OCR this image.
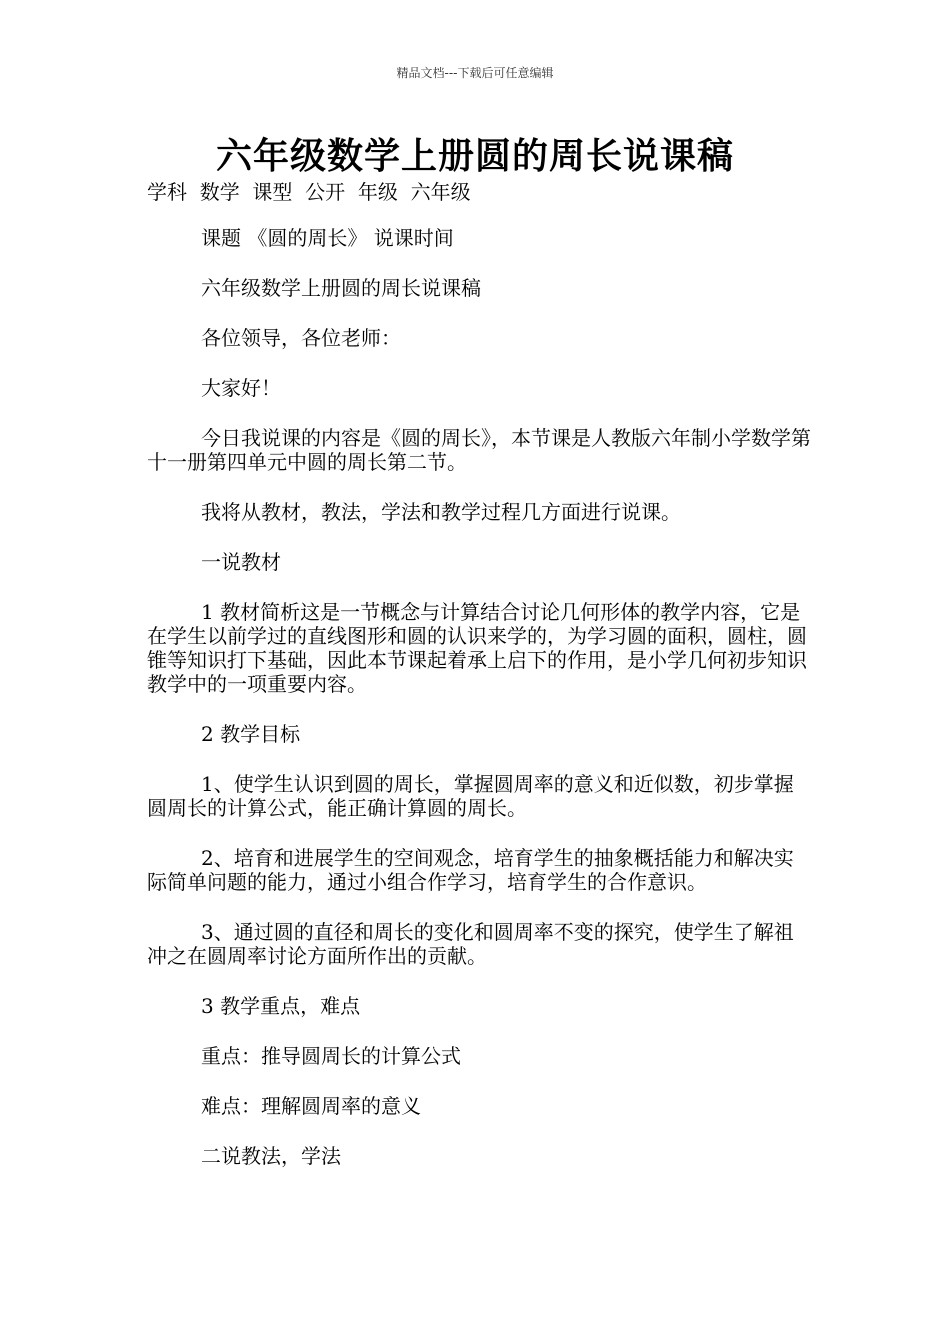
精品文档---下载后可任意编辑
六年级数学上册圆的周长说课稿
学科  数学  课型  公开  年级  六年级

课题 《圆的周长》 说课时间

六年级数学上册圆的周长说课稿

各位领导，各位老师：

大家好！

今日我说课的内容是《圆的周长》，本节课是人教版六年制小学数学第十一册第四单元中圆的周长第二节。

我将从教材，教法，学法和教学过程几方面进行说课。

一说教材

1 教材简析这是一节概念与计算结合讨论几何形体的教学内容，它是在学生以前学过的直线图形和圆的认识来学的，为学习圆的面积，圆柱，圆锥等知识打下基础，因此本节课起着承上启下的作用，是小学几何初步知识教学中的一项重要内容。

2 教学目标

1、使学生认识到圆的周长，掌握圆周率的意义和近似数，初步掌握圆周长的计算公式，能正确计算圆的周长。

2、培育和进展学生的空间观念，培育学生的抽象概括能力和解决实际简单问题的能力，通过小组合作学习，培育学生的合作意识。

3、通过圆的直径和周长的变化和圆周率不变的探究，使学生了解祖冲之在圆周率讨论方面所作出的贡献。

3 教学重点，难点

重点：推导圆周长的计算公式

难点：理解圆周率的意义

二说教法，学法
